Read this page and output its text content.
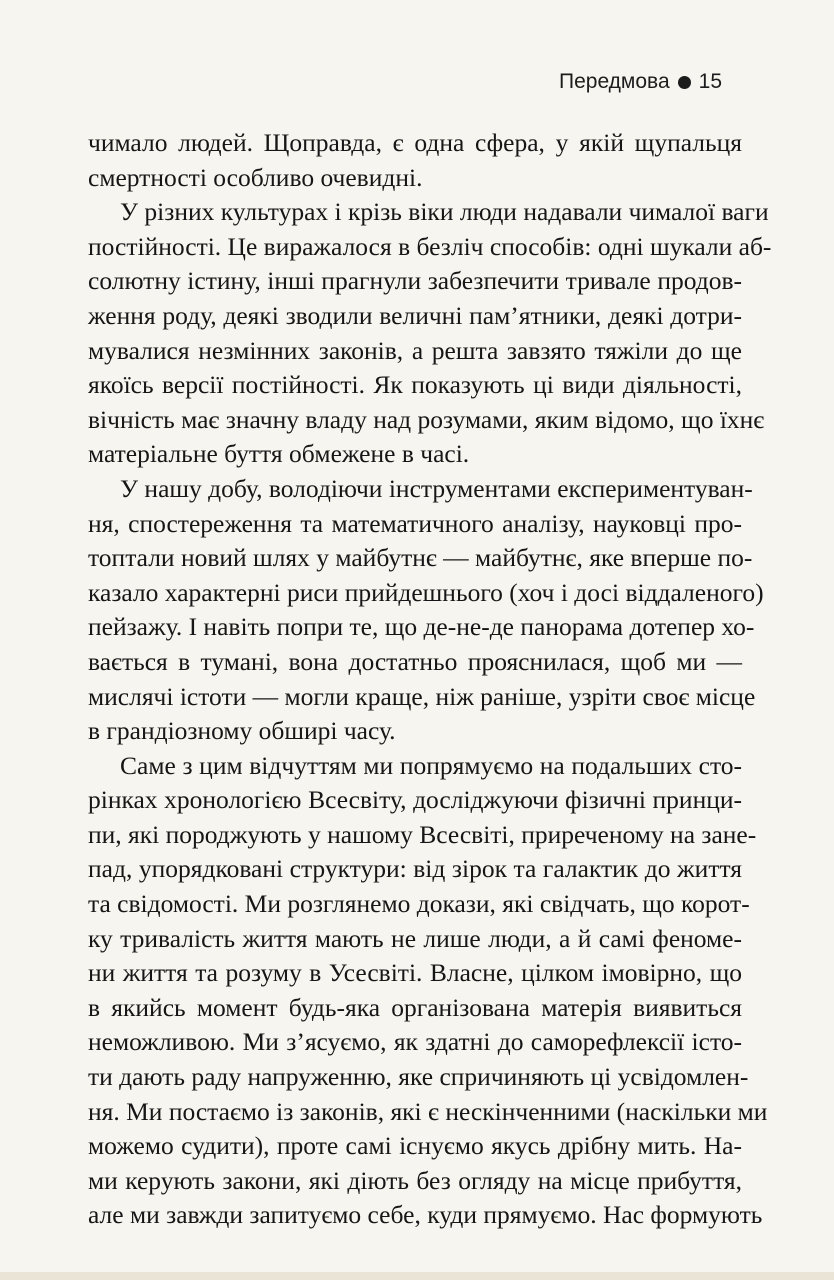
Передмова 15

чимало людей. Щоправда, є одна сфера, у якій щупальця
смертності особливо очевидні.

У різних культурах і крізь віки люди надавали чималої ваги
постійності. Це виражалося в безліч способів: одні шукали аб-
солютну істину, інші прагнули забезпечити тривале продов-
ження роду, деякі зводили величні пам’ятники, деякі дотри-
мувалися незмінних законів, а решта завзято тяжіли до ще
якоїсь версії постійності. Як показують ці види діяльності,
вічність має значну владу над розумами, яким відомо, що їхнє
матеріальне буття обмежене в часі.

У нашу добу, володіючи інструментами експериментуван-
ня, спостереження та математичного аналізу, науковці про-
топтали новий шлях у майбутнє — майбутнє, яке вперше по-
казало характерні риси прийдешнього (хоч і досі віддаленого)
пейзажу. І навіть попри те, що де-не-де панорама дотепер хо-
вається в тумані, вона достатньо прояснилася, щоб ми —
мислячі істоти — могли краще, ніж раніше, узріти своє місце
в грандіозному обширі часу.

Саме з цим відчуттям ми попрямуємо на подальших сто-
рінках хронологією Всесвіту, досліджуючи фізичні принци-
пи, які породжують у нашому Всесвіті, приреченому на зане-
пад, упорядковані структури: від зірок та галактик до життя
та свідомості. Ми розглянемо докази, які свідчать, що корот-
ку тривалість життя мають не лише люди, а й самі феноме-
ни життя та розуму в Усесвіті. Власне, цілком імовірно, що
в якийсь момент будь-яка організована матерія виявиться
неможливою. Ми з’ясуємо, як здатні до саморефлексії істо-
ти дають раду напруженню, яке спричиняють ці усвідомлен-
ня. Ми постаємо із законів, які є нескінченними (наскільки ми
можемо судити), проте самі існуємо якусь дрібну мить. На-
ми керують закони, які діють без огляду на місце прибуття,
але ми завжди запитуємо себе, куди прямуємо. Нас формують
